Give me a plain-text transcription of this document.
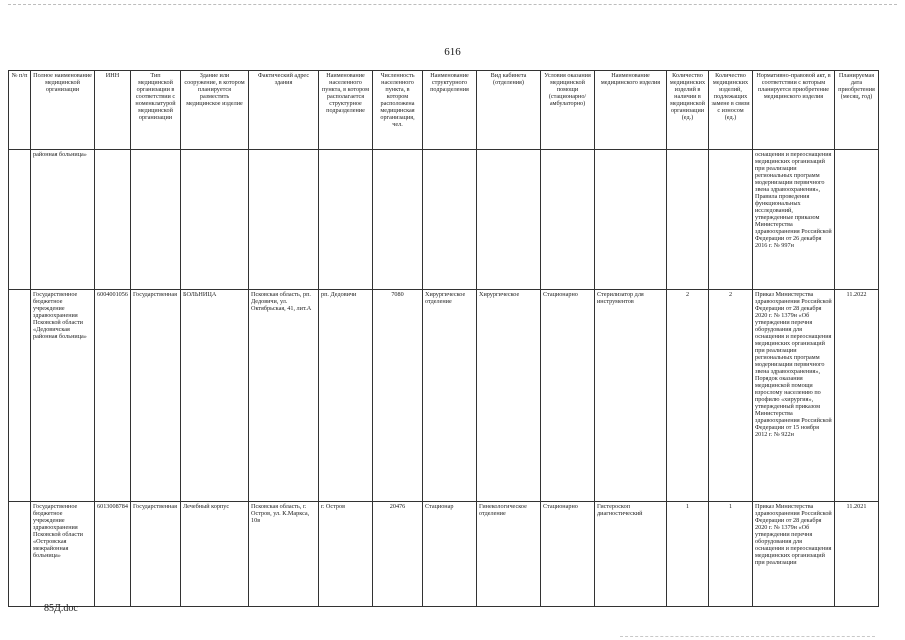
616
№ п/п	Полное наименование медицинской организации	ИНН	Тип медицинской организации в соответствии с номенклатурой медицинской организации	Здание или сооружение, в котором планируется разместить медицинское изделие	Фактический адрес здания	Наименование населенного пункта, в котором располагается структурное подразделение	Численность населенного пункта, в котором расположена медицинская организация, чел.	Наименование структурного подразделения	Вид кабинета (отделения)	Условия оказания медицинской помощи (стационарно/ амбулаторно)	Наименование медицинского изделия	Количество медицинских изделий в наличии в медицинской организации (ед.)	Количество медицинских изделий, подлежащих замене в связи с износом (ед.)	Нормативно-правовой акт, в соответствии с которым планируется приобретение медицинского изделия	Планируемая дата приобретения (месяц, год)
	районная больница»													оснащения и переоснащения медицинских организаций при реализации региональных программ модернизации первичного звена здравоохранения», Правила проведения функциональных исследований, утвержденные приказом Министерства здравоохранения Российской Федерации от 26 декабря 2016 г. № 997н	
	Государственное бюджетное учреждение здравоохранения Псковской области «Дедовичская районная больница»	6004001056	Государственная	БОЛЬНИЦА	Псковская область, рп. Дедовичи, ул. Октябрьская, 41, лит.А	рп. Дедовичи	7080	Хирургическое отделение	Хирургическое	Стационарно	Стерилизатор для инструментов	2	2	Приказ Министерства здравоохранения Российской Федерации от 28 декабря 2020 г. № 1379н «Об утверждении перечня оборудования для оснащения и переоснащения медицинских организаций при реализации региональных программ модернизации первичного звена здравоохранения», Порядок оказания медицинской помощи взрослому населению по профилю «хирургия», утвержденный приказом Министерства здравоохранения Российской Федерации от 15 ноября 2012 г. № 922н	11.2022
	Государственное бюджетное учреждение здравоохранения Псковской области «Островская межрайонная больница»	6013008784	Государственная	Лечебный корпус	Псковская область, г. Остров, ул. К.Маркса, 10в	г. Остров	20476	Стационар	Гинекологическое отделение	Стационарно	Гистероскоп диагностический	1	1	Приказ Министерства здравоохранения Российской Федерации от 28 декабря 2020 г. № 1379н «Об утверждении перечня оборудования для оснащения и переоснащения медицинских организаций при реализации	11.2021
85Д.doc
